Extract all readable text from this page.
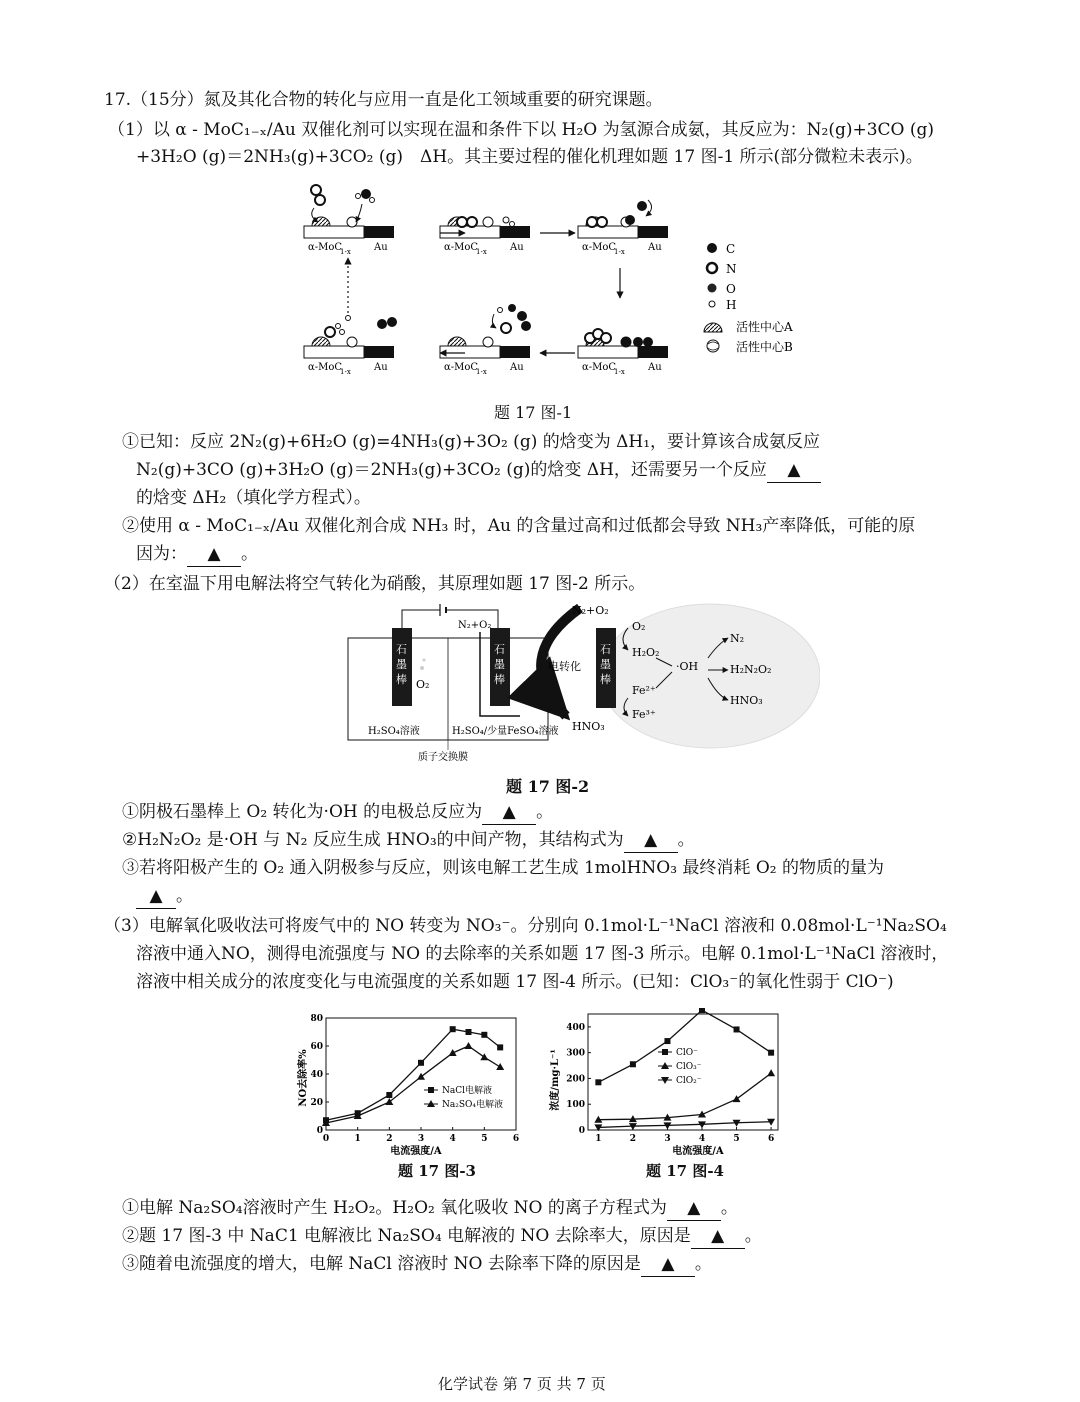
17.（15分）氮及其化合物的转化与应用一直是化工领域重要的研究课题。
（1）以 α - MoC₁₋ₓ/Au 双催化剂可以实现在温和条件下以 H₂O 为氢源合成氨，其反应为：N₂(g)+3CO (g)
+3H₂O (g)＝2NH₃(g)+3CO₂ (g)　ΔH。其主要过程的催化机理如题 17 图-1 所示(部分微粒未表示)。
α-MoC
1-x Au	α-MoC
1-x Au	α-MoC
1-x Au
α-MoC
1-x Au	α-MoC
1-x Au	α-MoC
1-x Au
C
N
O
H
活性中心A
活性中心B
题 17 图-1
①已知：反应 2N₂(g)+6H₂O (g)=4NH₃(g)+3O₂ (g) 的焓变为 ΔH₁，要计算该合成氨反应
N₂(g)+3CO (g)+3H₂O (g)＝2NH₃(g)+3CO₂ (g)的焓变 ΔH，还需要另一个反应 ▲
的焓变 ΔH₂（填化学方程式）。
②使用 α - MoC₁₋ₓ/Au 双催化剂合成 NH₃ 时，Au 的含量过高和过低都会导致 NH₃产率降低，可能的原
因为： ▲ 。
（2）在室温下用电解法将空气转化为硝酸，其原理如题 17 图-2 所示。
石
墨
棒
石
墨
棒
O₂
N₂+O₂
H₂SO₄溶液	H₂SO₄/少量FeSO₄溶液
质子交换膜
电转化
HNO₃
N₂+O₂
石
墨
棒
O₂
H₂O₂
·OH
Fe²⁺
Fe³⁺
N₂
H₂N₂O₂
HNO₃
题 17 图-2
①阴极石墨棒上 O₂ 转化为·OH 的电极总反应为 ▲ 。
②H₂N₂O₂ 是·OH 与 N₂ 反应生成 HNO₃的中间产物，其结构式为 ▲ 。
③若将阳极产生的 O₂ 通入阴极参与反应，则该电解工艺生成 1molHNO₃ 最终消耗 O₂ 的物质的量为
▲ 。
（3）电解氧化吸收法可将废气中的 NO 转变为 NO₃⁻。分别向 0.1mol·L⁻¹NaCl 溶液和 0.08mol·L⁻¹Na₂SO₄
溶液中通入NO，测得电流强度与 NO 的去除率的关系如题 17 图-3 所示。电解 0.1mol·L⁻¹NaCl 溶液时，
溶液中相关成分的浓度变化与电流强度的关系如题 17 图-4 所示。(已知：ClO₃⁻的氧化性弱于 ClO⁻)
0	1	2	3	4	5	6
0
20
40
60
80
电流强度/A
NO去除率%	NaCl电解液
Na₂SO₄电解液
题 17 图-3
1	2	3	4	5	6
0
100
200
300
400
电流强度/A
浓度/mg·L⁻¹	ClO⁻
ClO₃⁻
ClO₂⁻
题 17 图-4
①电解 Na₂SO₄溶液时产生 H₂O₂。H₂O₂ 氧化吸收 NO 的离子方程式为 ▲ 。
②题 17 图-3 中 NaC1 电解液比 Na₂SO₄ 电解液的 NO 去除率大，原因是 ▲ 。
③随着电流强度的增大，电解 NaCl 溶液时 NO 去除率下降的原因是 ▲ 。
化学试卷 第 7 页 共 7 页
